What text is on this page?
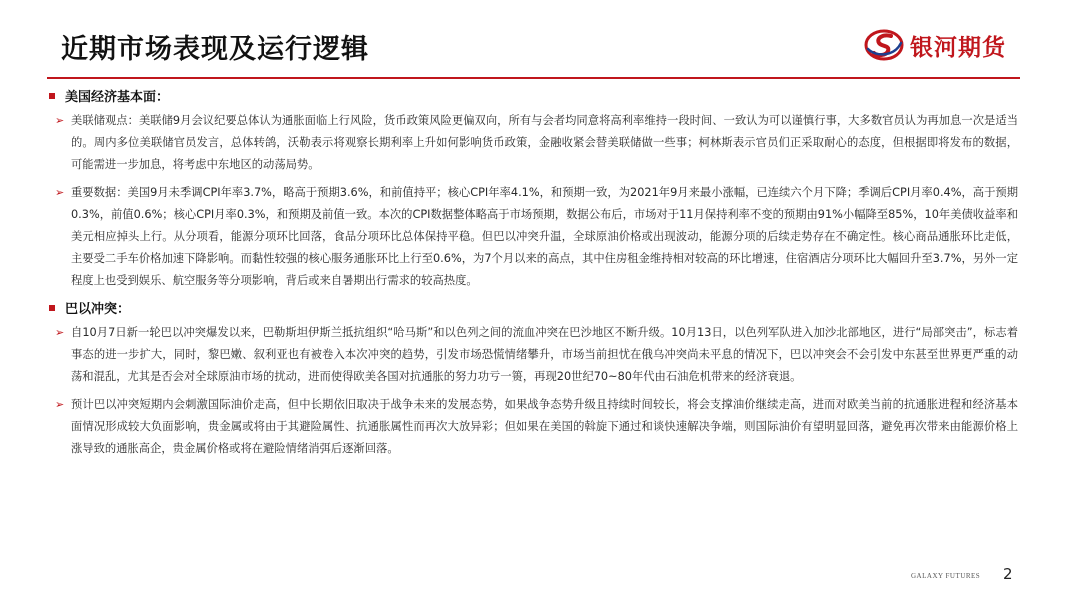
近期市场表现及运行逻辑	银河期货
美国经济基本面：
➢ 美联储观点：美联储9月会议纪要总体认为通胀面临上行风险，货币政策风险更偏双向，所有与会者均同意将高利率维持一段时间、一致认为可以谨慎行事，大多数官员认为再加息一次是适当的。周内多位美联储官员发言，总体转鸽，沃勒表示将观察长期利率上升如何影响货币政策，金融收紧会替美联储做一些事；柯林斯表示官员们正采取耐心的态度，但根据即将发布的数据，可能需进一步加息，将考虑中东地区的动荡局势。
➢ 重要数据：美国9月未季调CPI年率3.7%，略高于预期3.6%，和前值持平；核心CPI年率4.1%，和预期一致，为2021年9月来最小涨幅，已连续六个月下降；季调后CPI月率0.4%，高于预期0.3%，前值0.6%；核心CPI月率0.3%，和预期及前值一致。本次的CPI数据整体略高于市场预期，数据公布后，市场对于11月保持利率不变的预期由91%小幅降至85%，10年美债收益率和美元相应掉头上行。从分项看，能源分项环比回落，食品分项环比总体保持平稳。但巴以冲突升温，全球原油价格或出现波动，能源分项的后续走势存在不确定性。核心商品通胀环比走低，主要受二手车价格加速下降影响。而黏性较强的核心服务通胀环比上行至0.6%，为7个月以来的高点，其中住房租金维持相对较高的环比增速，住宿酒店分项环比大幅回升至3.7%，另外一定程度上也受到娱乐、航空服务等分项影响，背后或来自暑期出行需求的较高热度。
巴以冲突：
➢ 自10月7日新一轮巴以冲突爆发以来，巴勒斯坦伊斯兰抵抗组织“哈马斯”和以色列之间的流血冲突在巴沙地区不断升级。10月13日，以色列军队进入加沙北部地区，进行“局部突击”，标志着事态的进一步扩大，同时，黎巴嫩、叙利亚也有被卷入本次冲突的趋势，引发市场恐慌情绪攀升，市场当前担忧在俄乌冲突尚未平息的情况下，巴以冲突会不会引发中东甚至世界更严重的动荡和混乱，尤其是否会对全球原油市场的扰动，进而使得欧美各国对抗通胀的努力功亏一篑，再现20世纪70~80年代由石油危机带来的经济衰退。
➢ 预计巴以冲突短期内会刺激国际油价走高，但中长期依旧取决于战争未来的发展态势，如果战争态势升级且持续时间较长，将会支撑油价继续走高，进而对欧美当前的抗通胀进程和经济基本面情况形成较大负面影响，贵金属或将由于其避险属性、抗通胀属性而再次大放异彩；但如果在美国的斡旋下通过和谈快速解决争端，则国际油价有望明显回落，避免再次带来由能源价格上涨导致的通胀高企，贵金属价格或将在避险情绪消弭后逐渐回落。
GALAXY FUTURES 2
